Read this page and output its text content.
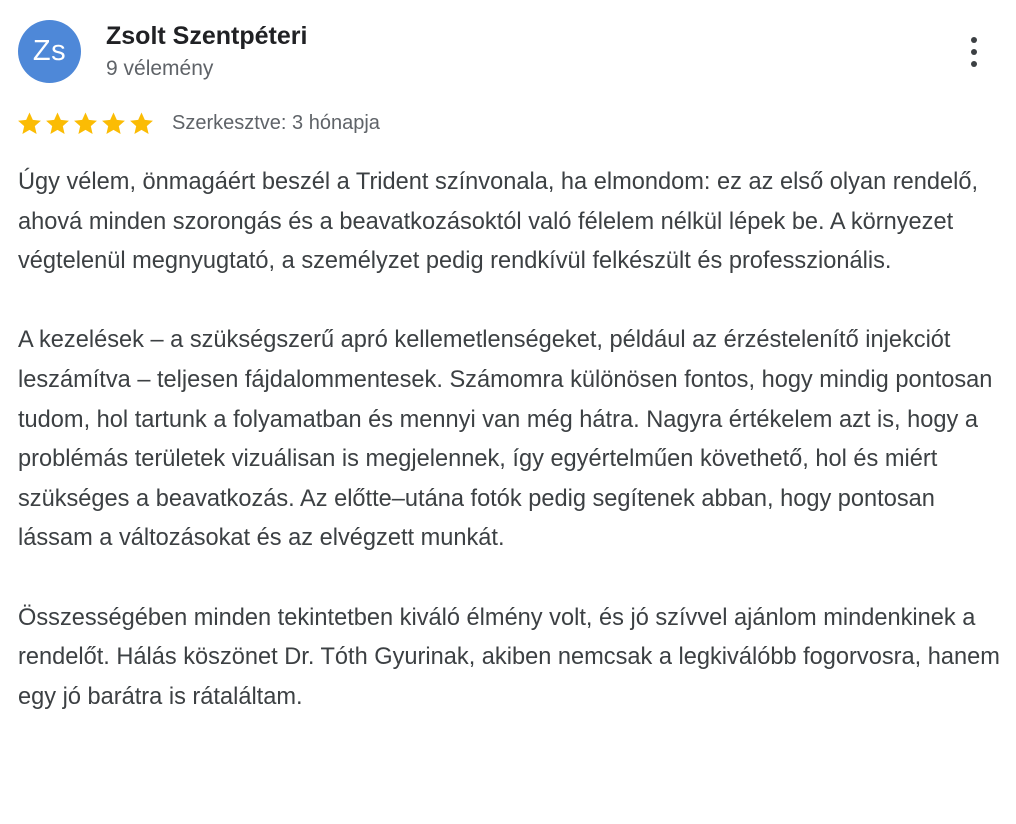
Zs Zsolt Szentpéteri
9 vélemény
Szerkesztve: 3 hónapja

Úgy vélem, önmagáért beszél a Trident színvonala, ha elmondom: ez az első olyan rendelő, ahová minden szorongás és a beavatkozásoktól való félelem nélkül lépek be. A környezet végtelenül megnyugtató, a személyzet pedig rendkívül felkészült és professzionális.

A kezelések – a szükségszerű apró kellemetlenségeket, például az érzéstelenítő injekciót leszámítva – teljesen fájdalommentesek. Számomra különösen fontos, hogy mindig pontosan tudom, hol tartunk a folyamatban és mennyi van még hátra. Nagyra értékelem azt is, hogy a problémás területek vizuálisan is megjelennek, így egyértelműen követhető, hol és miért szükséges a beavatkozás. Az előtte–utána fotók pedig segítenek abban, hogy pontosan lássam a változásokat és az elvégzett munkát.

Összességében minden tekintetben kiváló élmény volt, és jó szívvel ajánlom mindenkinek a rendelőt. Hálás köszönet Dr. Tóth Gyurinak, akiben nemcsak a legkiválóbb fogorvosra, hanem egy jó barátra is rátaláltam.
